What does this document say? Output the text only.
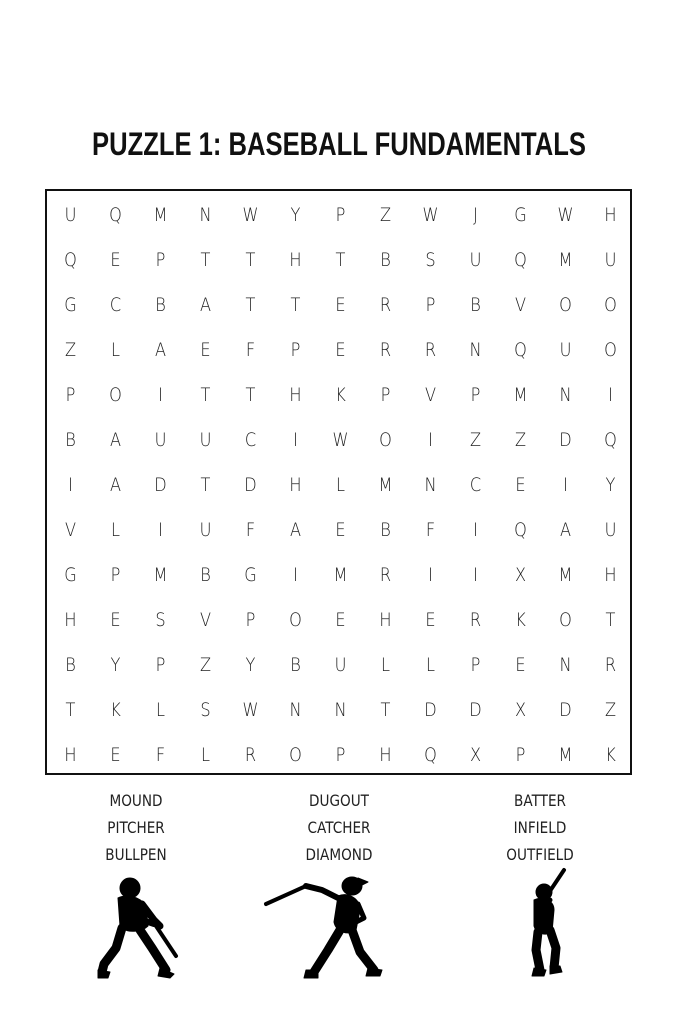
PUZZLE 1: BASEBALL FUNDAMENTALS
U	Q	M	N	W	Y	P	Z	W	J	G	W	H
Q	E	P	T	T	H	T	B	S	U	Q	M	U
G	C	B	A	T	T	E	R	P	B	V	O	O
Z	L	A	E	F	P	E	R	R	N	Q	U	O
P	O	I	T	T	H	K	P	V	P	M	N	I
B	A	U	U	C	I	W	O	I	Z	Z	D	Q
I	A	D	T	D	H	L	M	N	C	E	I	Y
V	L	I	U	F	A	E	B	F	I	Q	A	U
G	P	M	B	G	I	M	R	I	I	X	M	H
H	E	S	V	P	O	E	H	E	R	K	O	T
B	Y	P	Z	Y	B	U	L	L	P	E	N	R
T	K	L	S	W	N	N	T	D	D	X	D	Z
H	E	F	L	R	O	P	H	Q	X	P	M	K
MOUND
PITCHER
BULLPEN
DUGOUT
CATCHER
DIAMOND
BATTER
INFIELD
OUTFIELD
